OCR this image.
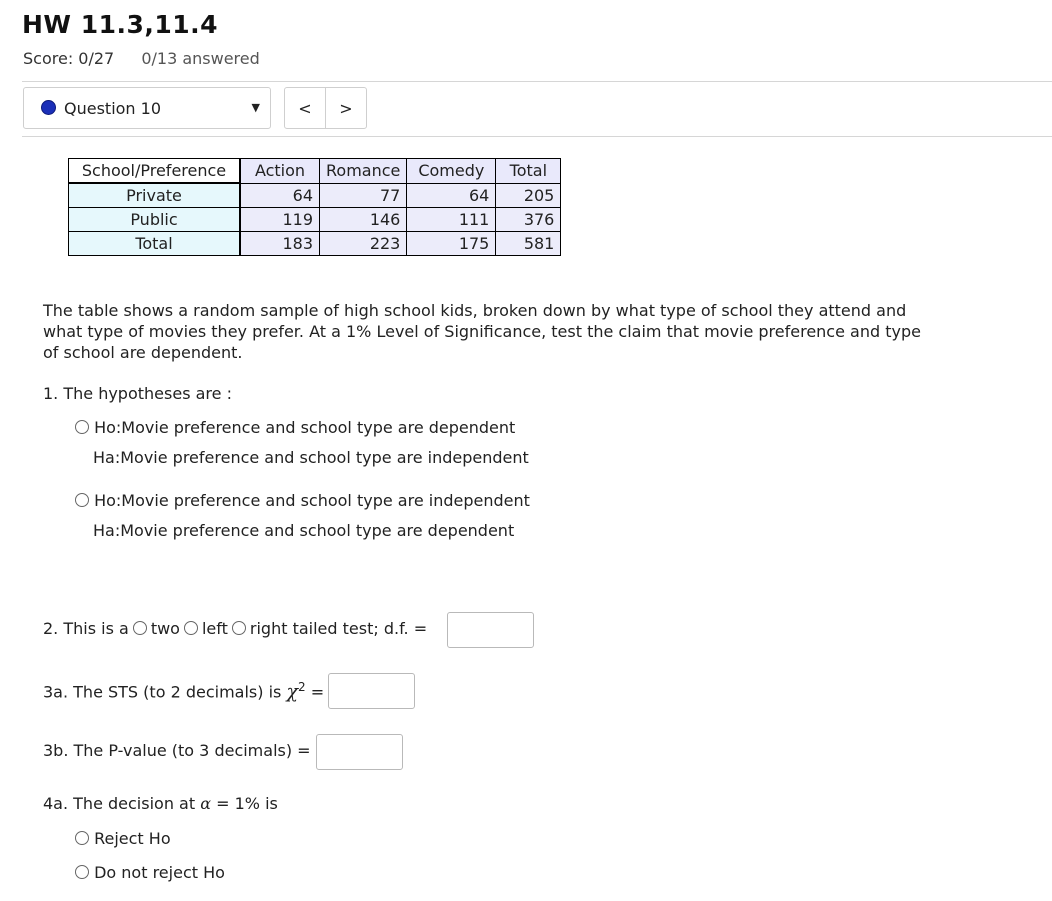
HW 11.3,11.4
Score: 0/27 0/13 answered
Question 10	▼	<	>
School/Preference	Action	Romance	Comedy	Total
Private	64	77	64	205
Public	119	146	111	376
Total	183	223	175	581
The table shows a random sample of high school kids, broken down by what type of school they attend and what type of movies they prefer. At a 1% Level of Significance, test the claim that movie preference and type of school are dependent.
1. The hypotheses are :
Ho:Movie preference and school type are dependent
Ha:Movie preference and school type are independent
Ho:Movie preference and school type are independent
Ha:Movie preference and school type are dependent
2. This is a two left right tailed test; d.f. =
3a. The STS (to 2 decimals) is $\chi^2$ =
3b. The P-value (to 3 decimals) =
4a. The decision at α = 1% is
Reject Ho
Do not reject Ho
